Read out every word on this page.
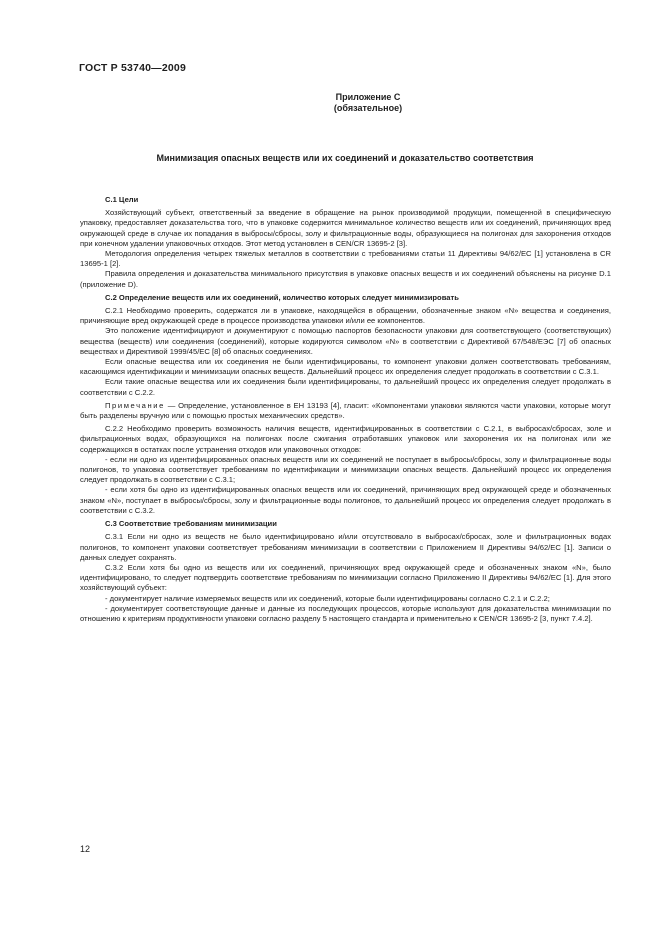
ГОСТ Р 53740—2009
Приложение С
(обязательное)
Минимизация опасных веществ или их соединений и доказательство соответствия

С.1 Цели

Хозяйствующий субъект, ответственный за введение в обращение на рынок производимой продукции, помещенной в специфическую упаковку, предоставляет доказательства того, что в упаковке содержится минимальное количество веществ или их соединений, причиняющих вред окружающей среде в случае их попадания в выбросы/сбросы, золу и фильтрационные воды, образующиеся на полигонах для захоронения отходов при конечном удалении упаковочных отходов. Этот метод установлен в CEN/CR 13695-2 [3].

Методология определения четырех тяжелых металлов в соответствии с требованиями статьи 11 Директивы 94/62/ЕС [1] установлена в CR 13695-1 [2].

Правила определения и доказательства минимального присутствия в упаковке опасных веществ и их соединений объяснены на рисунке D.1 (приложение D).

С.2 Определение веществ или их соединений, количество которых следует минимизировать

С.2.1 Необходимо проверить, содержатся ли в упаковке, находящейся в обращении, обозначенные знаком «N» вещества и соединения, причиняющие вред окружающей среде в процессе производства упаковки и/или ее компонентов.

Это положение идентифицируют и документируют с помощью паспортов безопасности упаковки для соответствующего (соответствующих) вещества (веществ) или соединения (соединений), которые кодируются символом «N» в соответствии с Директивой 67/548/ЕЭС [7] об опасных веществах и Директивой 1999/45/ЕС [8] об опасных соединениях.

Если опасные вещества или их соединения не были идентифицированы, то компонент упаковки должен соответствовать требованиям, касающимся идентификации и минимизации опасных веществ. Дальнейший процесс их определения следует продолжать в соответствии с С.3.1.

Если такие опасные вещества или их соединения были идентифицированы, то дальнейший процесс их определения следует продолжать в соответствии с С.2.2.

Примечание — Определение, установленное в ЕН 13193 [4], гласит: «Компонентами упаковки являются части упаковки, которые могут быть разделены вручную или с помощью простых механических средств».

С.2.2 Необходимо проверить возможность наличия веществ, идентифицированных в соответствии с С.2.1, в выбросах/сбросах, золе и фильтрационных водах, образующихся на полигонах после сжигания отработавших упаковок или захоронения их на полигонах или же содержащихся в остатках после устранения отходов или упаковочных отходов:

- если ни одно из идентифицированных опасных веществ или их соединений не поступает в выбросы/сбросы, золу и фильтрационные воды полигонов, то упаковка соответствует требованиям по идентификации и минимизации опасных веществ. Дальнейший процесс их определения следует продолжать в соответствии с С.3.1;

- если хотя бы одно из идентифицированных опасных веществ или их соединений, причиняющих вред окружающей среде и обозначенных знаком «N», поступает в выбросы/сбросы, золу и фильтрационные воды полигонов, то дальнейший процесс их определения следует продолжать в соответствии с С.3.2.

С.3 Соответствие требованиям минимизации

С.3.1 Если ни одно из веществ не было идентифицировано и/или отсутствовало в выбросах/сбросах, золе и фильтрационных водах полигонов, то компонент упаковки соответствует требованиям минимизации в соответствии с Приложением II Директивы 94/62/ЕС [1]. Записи о данных следует сохранять.

С.3.2 Если хотя бы одно из веществ или их соединений, причиняющих вред окружающей среде и обозначенных знаком «N», было идентифицировано, то следует подтвердить соответствие требованиям по минимизации согласно Приложению II Директивы 94/62/ЕС [1]. Для этого хозяйствующий субъект:

- документирует наличие измеряемых веществ или их соединений, которые были идентифицированы согласно С.2.1 и С.2.2;

- документирует соответствующие данные и данные из последующих процессов, которые используют для доказательства минимизации по отношению к критериям продуктивности упаковки согласно разделу 5 настоящего стандарта и применительно к CEN/CR 13695-2 [3, пункт 7.4.2].

12
